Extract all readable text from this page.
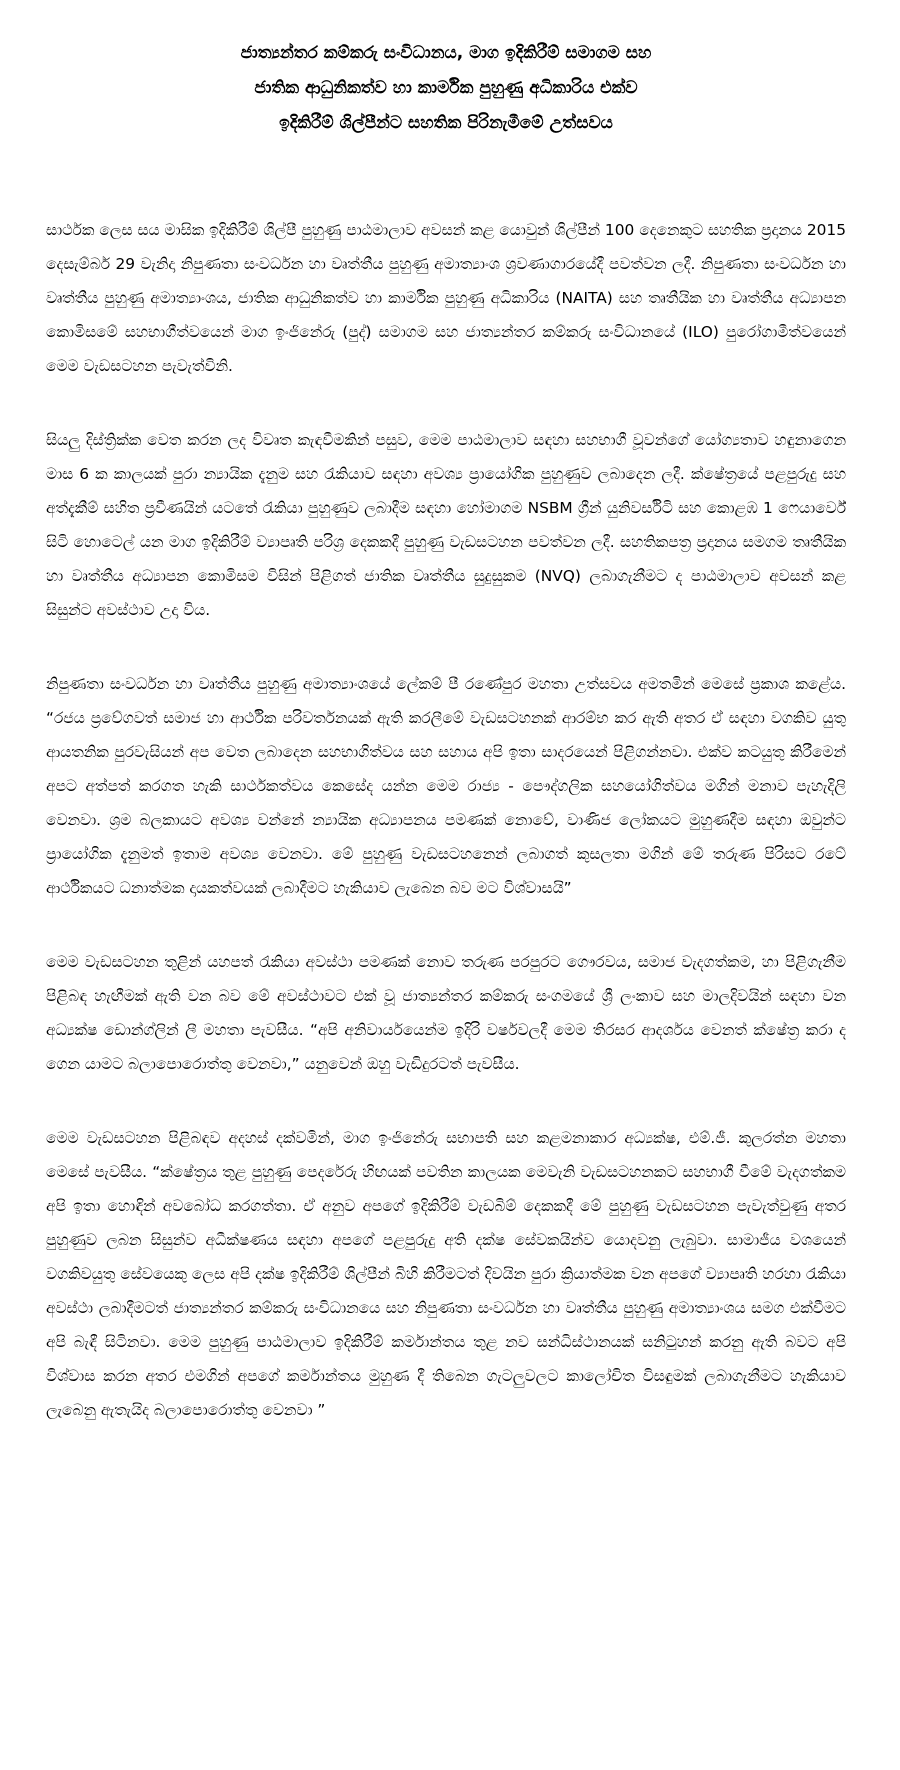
ජාත්‍යන්තර කම්කරු සංවිධානය, මාග ඉදිකිරීම් සමාගම සහ

ජාතික ආධුනිකත්ව හා කාර්මික පුහුණු අධිකාරිය එක්ව

ඉදිකිරීම් ශිල්පීන්ට සහතික පිරිනැමීමේ උත්සවය

සාර්ථක ලෙස සය මාසික ඉදිකිරීම් ශිල්පී පුහුණු පාඨමාලාව අවසන් කළ යොවුන් ශිල්පීන් 100 දෙනෙකුට සහතික ප්‍රදානය 2015 දෙසැම්බර් 29 වැනිදා නිපුණතා සංවර්ධන හා වෘත්තීය පුහුණු අමාත්‍යාංශ ශ්‍රවණාගාරයේදී පවත්වන ලදී. නිපුණතා සංවර්ධන හා වෘත්තීය පුහුණු අමාත්‍යාංශය, ජාතික ආධුනිකත්ව හා කාර්මික පුහුණු අධිකාරිය (NAITA) සහ තෘතීයික හා වෘත්තීය අධ්‍යාපන කොමිසමේ සහභාගීත්වයෙන් මාග ඉංජිනේරු (පුද්) සමාගම සහ ජාත්‍යන්තර කම්කරු සංවිධානයේ (ILO) පුරෝගාමීත්වයෙන් මෙම වැඩසටහන පැවැත්විනි.

සියලු දිස්ත්‍රික්ක වෙත කරන ලද විවෘත කැඳවීමකින් පසුව, මෙම පාඨමාලාව සඳහා සහභාගී වූවන්ගේ යෝග්‍යතාව හඳුනාගෙන මාස 6 ක කාලයක් පුරා න්‍යායික දැනුම සහ රැකියාව සඳහා අවශ්‍ය ප්‍රායෝගික පුහුණුව ලබාදෙන ලදී. ක්ෂේත්‍රයේ පළපුරුදු සහ අත්දැකීම් සහිත ප්‍රවීණයින් යටතේ රැකියා පුහුණුව ලබාදීම සඳහා හෝමාගම NSBM ග්‍රීන් යුනිවර්සිටි සහ කොළඹ 1 ෆෙයාර්වේ සිටි හොටෙල් යන මාග ඉදිකිරීම් ව්‍යාපෘති පරිශ්‍ර දෙකකදී පුහුණු වැඩසටහන පවත්වන ලදී. සහතිකපත්‍ර ප්‍රදානය සමගම තෘතීයික හා වෘත්තීය අධ්‍යාපන කොමිසම විසින් පිළිගත් ජාතික වෘත්තීය සුදුසුකම (NVQ) ලබාගැනීමට ද පාඨමාලාව අවසන් කළ සිසුන්ට අවස්ථාව උදා විය.

නිපුණතා සංවර්ධන හා වෘත්තීය පුහුණු අමාත්‍යාංශයේ ලේකම් පී රණේපුර මහතා උත්සවය අමතමින් මෙසේ ප්‍රකාශ කළේය. “රජය ප්‍රවේගවත් සමාජ හා ආර්ථික පරිවර්තනයක් ඇති කරලීමේ වැඩසටහනක් ආරම්භ කර ඇති අතර ඒ සඳහා වගකිව යුතු ආයතනික පුරවැසියන් අප වෙත ලබාදෙන සහභාගිත්වය සහ සහාය අපි ඉතා සාදරයෙන් පිළිගන්නවා. එක්ව කටයුතු කිරීමෙන් අපට අත්පත් කරගත හැකි සාර්ථකත්වය කෙසේද යන්න මෙම රාජ්‍ය - පෞද්ගලික සහයෝගිත්වය මගින් මනාව පැහැදිලි වෙනවා. ශ්‍රම බලකායට අවශ්‍ය වන්නේ න්‍යායික අධ්‍යාපනය පමණක් නොවේ, වාණිජ ලෝකයට මුහුණදීම සඳහා ඔවුන්ට ප්‍රායෝගික දැනුමත් ඉතාම අවශ්‍ය වෙනවා. මේ පුහුණු වැඩසටහනෙන් ලබාගත් කුසලතා මගින් මේ තරුණ පිරිසට රටේ ආර්ථිකයට ධනාත්මක දායකත්වයක් ලබාදීමට හැකියාව ලැබෙන බව මට විශ්වාසයි”

මෙම වැඩසටහන තුළින් යහපත් රැකියා අවස්ථා පමණක් නොව තරුණ පරපුරට ගෞරවය, සමාජ වැදගත්කම, හා පිළිගැනීම පිළිබඳ හැඟීමක් ඇති වන බව මේ අවස්ථාවට එක් වූ ජාත්‍යන්තර කම්කරු සංගමයේ ශ්‍රී ලංකාව සහ මාලදිවයින් සඳහා වන අධ්‍යක්ෂ ඩොන්ග්ලින් ලී මහතා පැවසීය. “අපි අනිවාර්යයෙන්ම ඉදිරි වර්ෂවලදී මෙම තිරසර ආදර්ශය වෙනත් ක්ෂේත්‍ර කරා ද ගෙන යාමට බලාපොරොත්තු වෙනවා,” යනුවෙන් ඔහු වැඩිදුරටත් පැවසීය.

මෙම වැඩසටහන පිළිබඳව අදහස් දක්වමින්, මාග ඉංජිනේරු සභාපති සහ කළමනාකාර අධ්‍යක්ෂ, එම්.ජී. කුලරත්න මහතා මෙසේ පැවසීය. “ක්ෂේත්‍රය තුළ පුහුණු පෙදරේරු හිඟයක් පවතින කාලයක මෙවැනි වැඩසටහනකට සහභාගී වීමේ වැදගත්කම අපි ඉතා හොඳින් අවබෝධ කරගත්තා. ඒ අනුව අපගේ ඉදිකිරීම් වැඩබිම් දෙකකදී මේ පුහුණු වැඩසටහන පැවැත්වුණු අතර පුහුණුව ලබන සිසුන්ව අධීක්ෂණය සඳහා අපගේ පළපුරුදු අති දක්ෂ සේවකයින්ව යොදවනු ලැබුවා. සාමාජීය වශයෙන් වගකිවයුතු සේවයෙකු ලෙස අපි දක්ෂ ඉදිකිරීම් ශිල්පීන් බිහි කිරීමටත් දිවයින පුරා ක්‍රියාත්මක වන අපගේ ව්‍යාපෘති හරහා රැකියා අවස්ථා ලබාදීමටත් ජාත්‍යන්තර කම්කරු සංවිධානයෙ සහ නිපුණතා සංවර්ධන හා වෘත්තීය පුහුණු අමාත්‍යාංශය සමග එක්වීමට අපි බැඳී සිටිනවා. මෙම පුහුණු පාඨමාලාව ඉදිකිරීම් කර්මාන්තය තුළ නව සන්ධිස්ථානයක් සනිටුහන් කරනු ඇති බවට අපි විශ්වාස කරන අතර එමගින් අපගේ කර්මාන්තය මුහුණ දී තිබෙන ගැටලුවලට කාලෝචිත විසඳුමක් ලබාගැනීමට හැකියාව ලැබෙනු ඇතැයිද බලාපොරොත්තු වෙනවා ”
